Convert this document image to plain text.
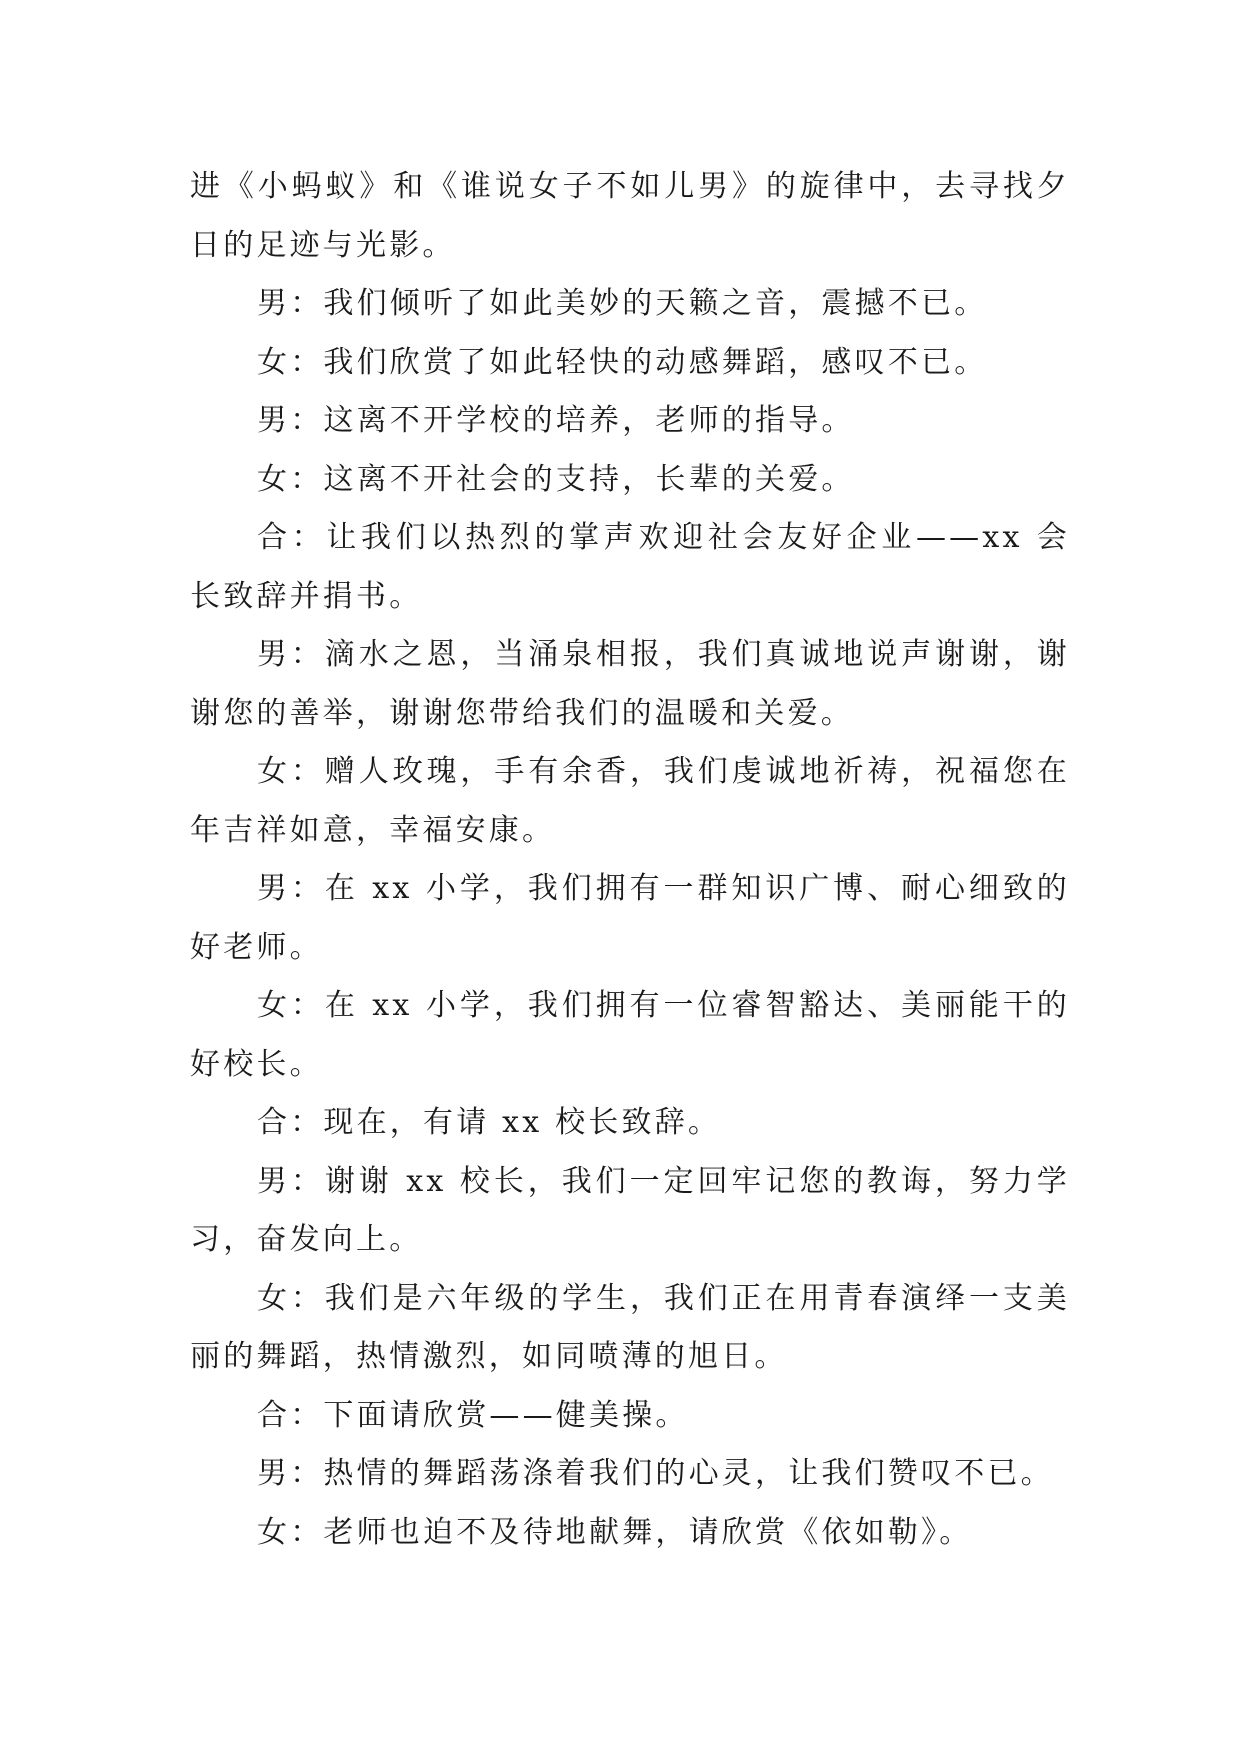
进《小蚂蚁》和《谁说女子不如儿男》的旋律中，去寻找夕日的足迹与光影。

男：我们倾听了如此美妙的天籁之音，震撼不已。

女：我们欣赏了如此轻快的动感舞蹈，感叹不已。

男：这离不开学校的培养，老师的指导。

女：这离不开社会的支持，长辈的关爱。

合：让我们以热烈的掌声欢迎社会友好企业——xx 会长致辞并捐书。

男：滴水之恩，当涌泉相报，我们真诚地说声谢谢，谢谢您的善举，谢谢您带给我们的温暖和关爱。

女：赠人玫瑰，手有余香，我们虔诚地祈祷，祝福您在年吉祥如意，幸福安康。

男：在 xx 小学，我们拥有一群知识广博、耐心细致的好老师。

女：在 xx 小学，我们拥有一位睿智豁达、美丽能干的好校长。

合：现在，有请 xx 校长致辞。

男：谢谢 xx 校长，我们一定回牢记您的教诲，努力学习，奋发向上。

女：我们是六年级的学生，我们正在用青春演绎一支美丽的舞蹈，热情激烈，如同喷薄的旭日。

合：下面请欣赏——健美操。

男：热情的舞蹈荡涤着我们的心灵，让我们赞叹不已。

女：老师也迫不及待地献舞，请欣赏《依如勒》。
